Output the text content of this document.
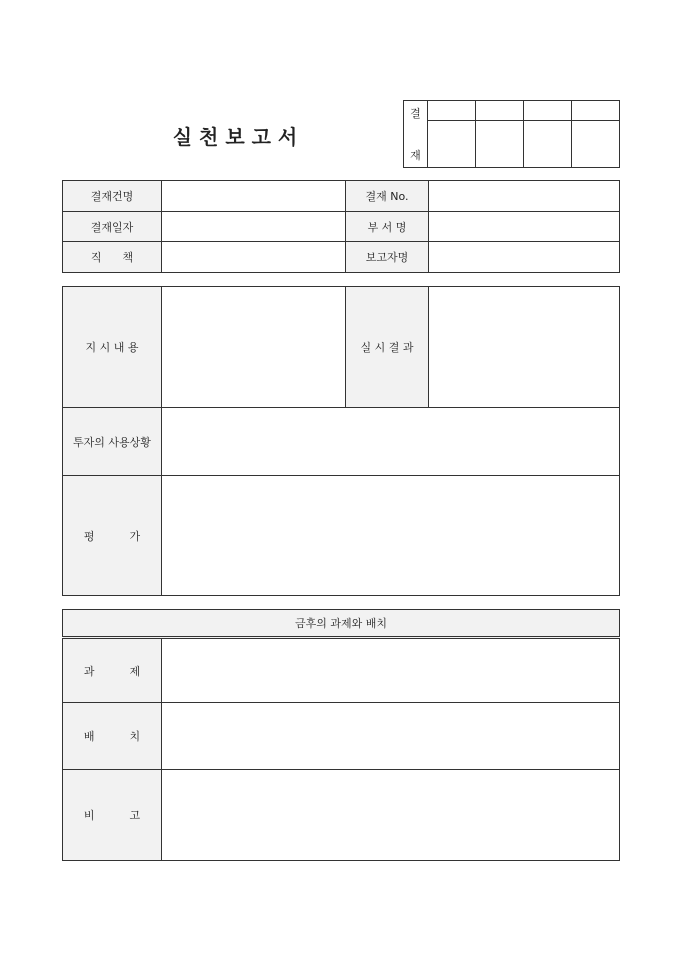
실 천 보 고 서
결
재				

결재건명		결재 No.	
결재일자		부 서 명	
직      책		보고자명	
지 시 내 용		실 시 결 과	
투자의 사용상황			
평          가			
금후의 과제와 배치	
과          제	
배          치	
비          고	
